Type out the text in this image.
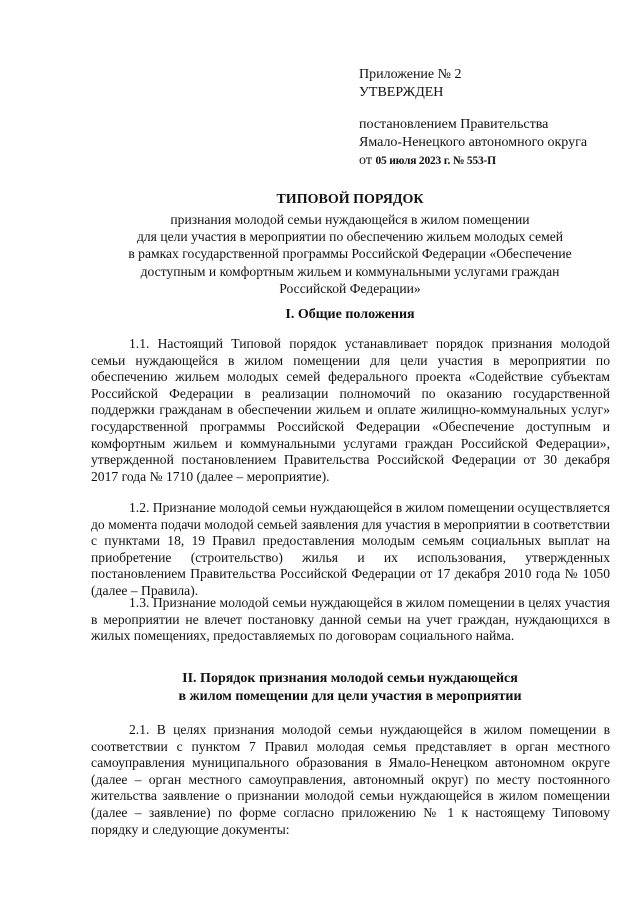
Приложение № 2
УТВЕРЖДЕН
постановлением Правительства
Ямало-Ненецкого автономного округа
от 05 июля 2023 г. № 553-П
ТИПОВОЙ ПОРЯДОК
признания молодой семьи нуждающейся в жилом помещении
для цели участия в мероприятии по обеспечению жильем молодых семей
в рамках государственной программы Российской Федерации «Обеспечение
доступным и комфортным жильем и коммунальными услугами граждан
Российской Федерации»
I. Общие положения

1.1. Настоящий Типовой порядок устанавливает порядок признания молодой семьи нуждающейся в жилом помещении для цели участия в мероприятии по обеспечению жильем молодых семей федерального проекта «Содействие субъектам Российской Федерации в реализации полномочий по оказанию государственной поддержки гражданам в обеспечении жильем и оплате жилищно-коммунальных услуг» государственной программы Российской Федерации «Обеспечение доступным и комфортным жильем и коммунальными услугами граждан Российской Федерации», утвержденной постановлением Правительства Российской Федерации от 30 декабря 2017 года № 1710 (далее – мероприятие).

1.2. Признание молодой семьи нуждающейся в жилом помещении осуществляется до момента подачи молодой семьей заявления для участия в мероприятии в соответствии с пунктами 18, 19 Правил предоставления молодым семьям социальных выплат на приобретение (строительство) жилья и их использования, утвержденных постановлением Правительства Российской Федерации от 17 декабря 2010 года № 1050 (далее – Правила).

1.3. Признание молодой семьи нуждающейся в жилом помещении в целях участия в мероприятии не влечет постановку данной семьи на учет граждан, нуждающихся в жилых помещениях, предоставляемых по договорам социального найма.

II. Порядок признания молодой семьи нуждающейся
в жилом помещении для цели участия в мероприятии

2.1. В целях признания молодой семьи нуждающейся в жилом помещении в соответствии с пунктом 7 Правил молодая семья представляет в орган местного самоуправления муниципального образования в Ямало-Ненецком автономном округе (далее – орган местного самоуправления, автономный округ) по месту постоянного жительства заявление о признании молодой семьи нуждающейся в жилом помещении (далее – заявление) по форме согласно приложению № 1 к настоящему Типовому порядку и следующие документы:
